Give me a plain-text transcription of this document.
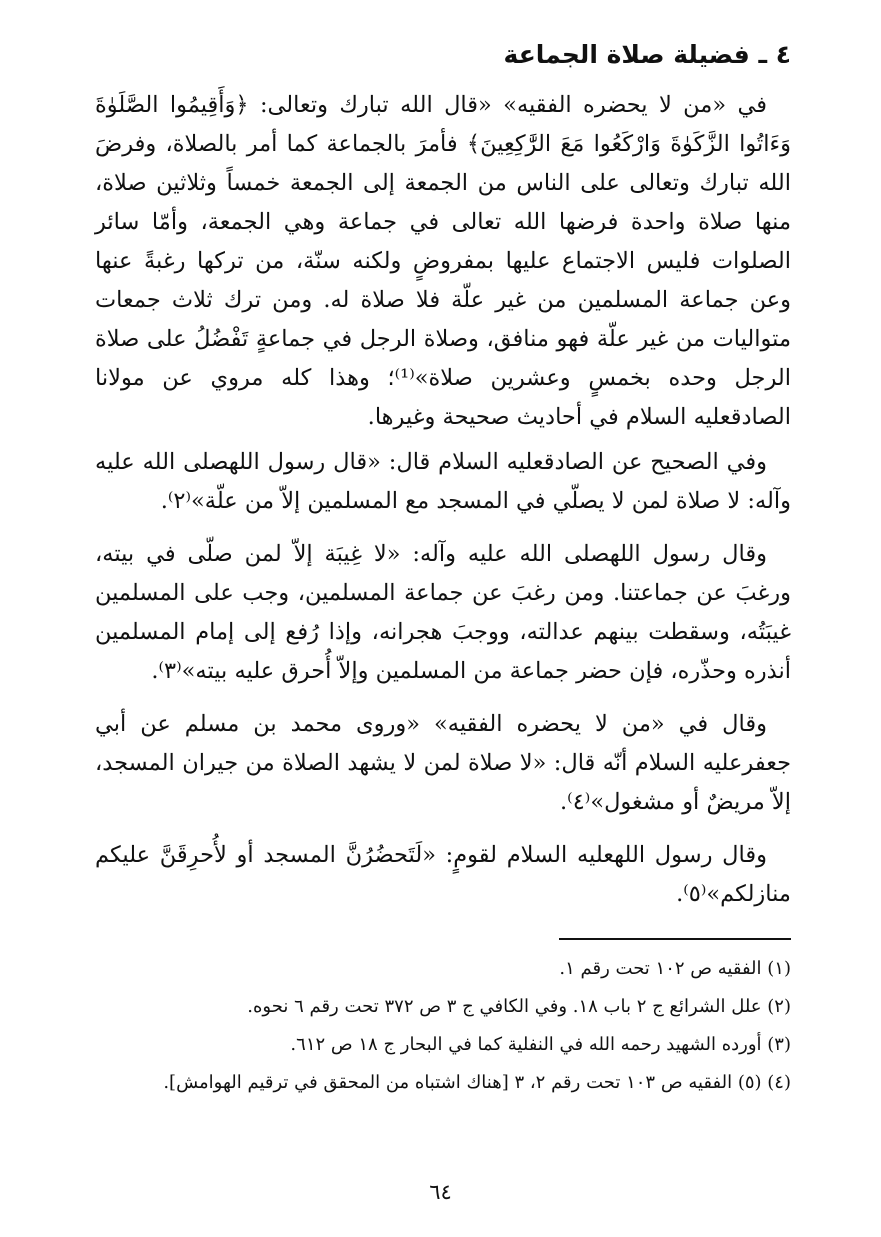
٤ ـ فضيلة صلاة الجماعة

في «من لا يحضره الفقيه» «قال الله تبارك وتعالى: ﴿وَأَقِيمُوا الصَّلَوٰةَ وَءَاتُوا الزَّكَوٰةَ وَارْكَعُوا مَعَ الرَّٰكِعِينَ﴾ فأمرَ بالجماعة كما أمر بالصلاة، وفرضَ الله تبارك وتعالى على الناس من الجمعة إلى الجمعة خمساً وثلاثين صلاة، منها صلاة واحدة فرضها الله تعالى في جماعة وهي الجمعة، وأمّا سائر الصلوات فليس الاجتماع عليها بمفروضٍ ولكنه سنّة، من تركها رغبةً عنها وعن جماعة المسلمين من غير علّة فلا صلاة له. ومن ترك ثلاث جمعات متواليات من غير علّة فهو منافق، وصلاة الرجل في جماعةٍ تَفْضُلُ على صلاة الرجل وحده بخمسٍ وعشرين صلاة»⁽¹⁾؛ وهذا كله مروي عن مولانا الصادقعليه السلام في أحاديث صحيحة وغيرها.

وفي الصحيح عن الصادقعليه السلام قال: «قال رسول اللهصلى الله عليه وآله: لا صلاة لمن لا يصلّي في المسجد مع المسلمين إلاّ من علّة»⁽٢⁾.

وقال رسول اللهصلى الله عليه وآله: «لا غِيبَة إلاّ لمن صلّى في بيته، ورغبَ عن جماعتنا. ومن رغبَ عن جماعة المسلمين، وجب على المسلمين غيبَتُه، وسقطت بينهم عدالته، ووجبَ هجرانه، وإذا رُفع إلى إمام المسلمين أنذره وحذّره، فإن حضر جماعة من المسلمين وإلاّ أُحرق عليه بيته»⁽٣⁾.

وقال في «من لا يحضره الفقيه» «وروى محمد بن مسلم عن أبي جعفرعليه السلام أنّه قال: «لا صلاة لمن لا يشهد الصلاة من جيران المسجد، إلاّ مريضٌ أو مشغول»⁽٤⁾.

وقال رسول اللهعليه السلام لقومٍ: «لَتَحضُرُنَّ المسجد أو لأُحرِقَنَّ عليكم منازلكم»⁽٥⁾.

(١) الفقيه ص ١٠٢ تحت رقم ١.
(٢) علل الشرائع ج ٢ باب ١٨. وفي الكافي ج ٣ ص ٣٧٢ تحت رقم ٦ نحوه.
(٣) أورده الشهيد رحمه الله في النفلية كما في البحار ج ١٨ ص ٦١٢.
(٤) (٥) الفقيه ص ١٠٣ تحت رقم ٢، ٣ [هناك اشتباه من المحقق في ترقيم الهوامش].
٦٤
